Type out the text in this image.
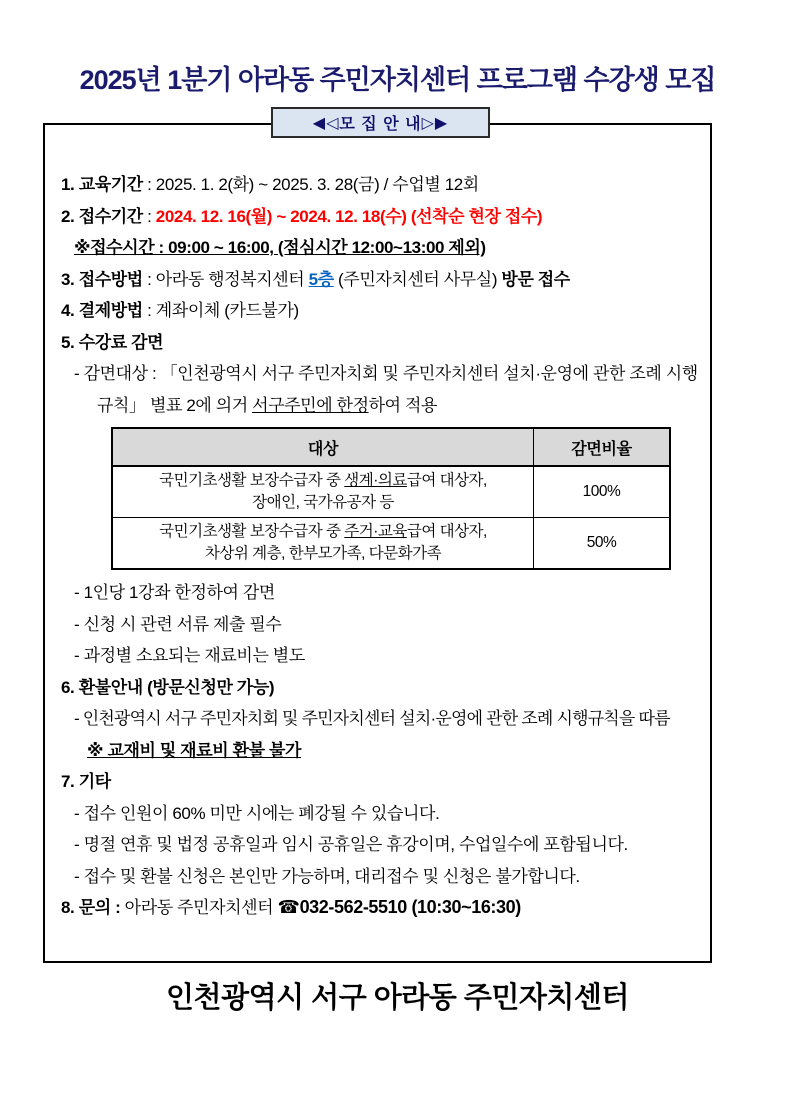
2025년 1분기 아라동 주민자치센터 프로그램 수강생 모집
◀◁ 모 집 안 내 ▷▶
1. 교육기간 : 2025. 1. 2(화) ~ 2025. 3. 28(금) / 수업별 12회
2. 접수기간 : 2024. 12. 16(월) ~ 2024. 12. 18(수) (선착순 현장 접수)
※접수시간 : 09:00 ~ 16:00, (점심시간 12:00~13:00 제외)
3. 접수방법 : 아라동 행정복지센터 5층 (주민자치센터 사무실) 방문 접수
4. 결제방법 : 계좌이체 (카드불가)
5. 수강료 감면
- 감면대상 : 「인천광역시 서구 주민자치회 및 주민자치센터 설치·운영에 관한 조례 시행규칙」 별표 2에 의거 서구주민에 한정하여 적용
대상	감면비율
국민기초생활 보장수급자 중 생계·의료급여 대상자,
장애인, 국가유공자 등	100%
국민기초생활 보장수급자 중 주거·교육급여 대상자,
차상위 계층, 한부모가족, 다문화가족	50%
- 1인당 1강좌 한정하여 감면
- 신청 시 관련 서류 제출 필수
- 과정별 소요되는 재료비는 별도
6. 환불안내 (방문신청만 가능)
- 인천광역시 서구 주민자치회 및 주민자치센터 설치·운영에 관한 조례 시행규칙을 따름
※ 교재비 및 재료비 환불 불가
7. 기타
- 접수 인원이 60% 미만 시에는 폐강될 수 있습니다.
- 명절 연휴 및 법정 공휴일과 임시 공휴일은 휴강이며, 수업일수에 포함됩니다.
- 접수 및 환불 신청은 본인만 가능하며, 대리접수 및 신청은 불가합니다.
8. 문의 : 아라동 주민자치센터 ☎032-562-5510 (10:30~16:30)
인천광역시 서구 아라동 주민자치센터
